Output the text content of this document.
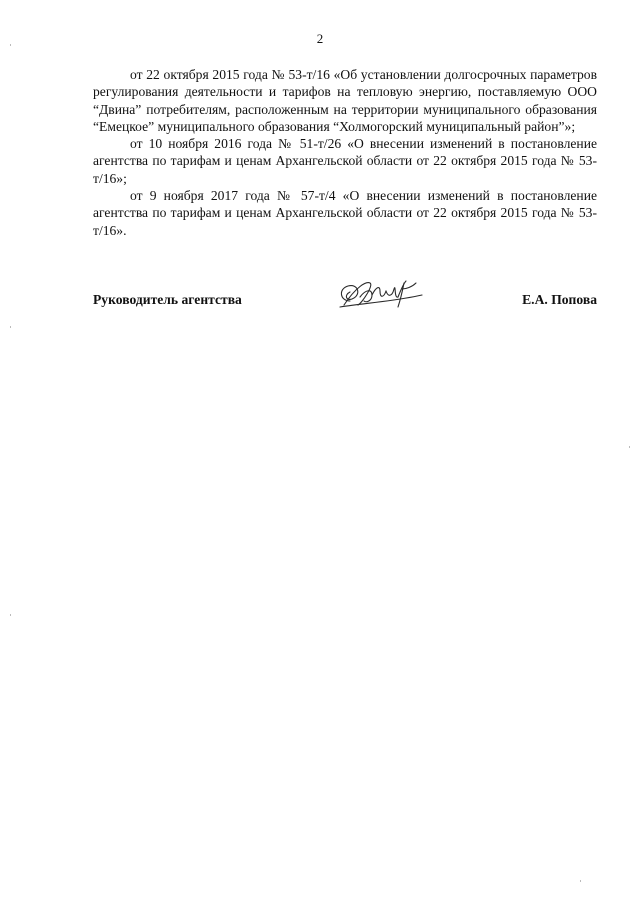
2

от 22 октября 2015 года № 53-т/16 «Об установлении долгосрочных параметров регулирования деятельности и тарифов на тепловую энергию, поставляемую ООО “Двина” потребителям, расположенным на территории муниципального образования “Емецкое” муниципального образования “Холмогорский муниципальный район”»;

от 10 ноября 2016 года № 51-т/26 «О внесении изменений в постановление агентства по тарифам и ценам Архангельской области от 22 октября 2015 года № 53-т/16»;

от 9 ноября 2017 года № 57-т/4 «О внесении изменений в постановление агентства по тарифам и ценам Архангельской области от 22 октября 2015 года № 53-т/16».

Руководитель агентства	Е.А. Попова
